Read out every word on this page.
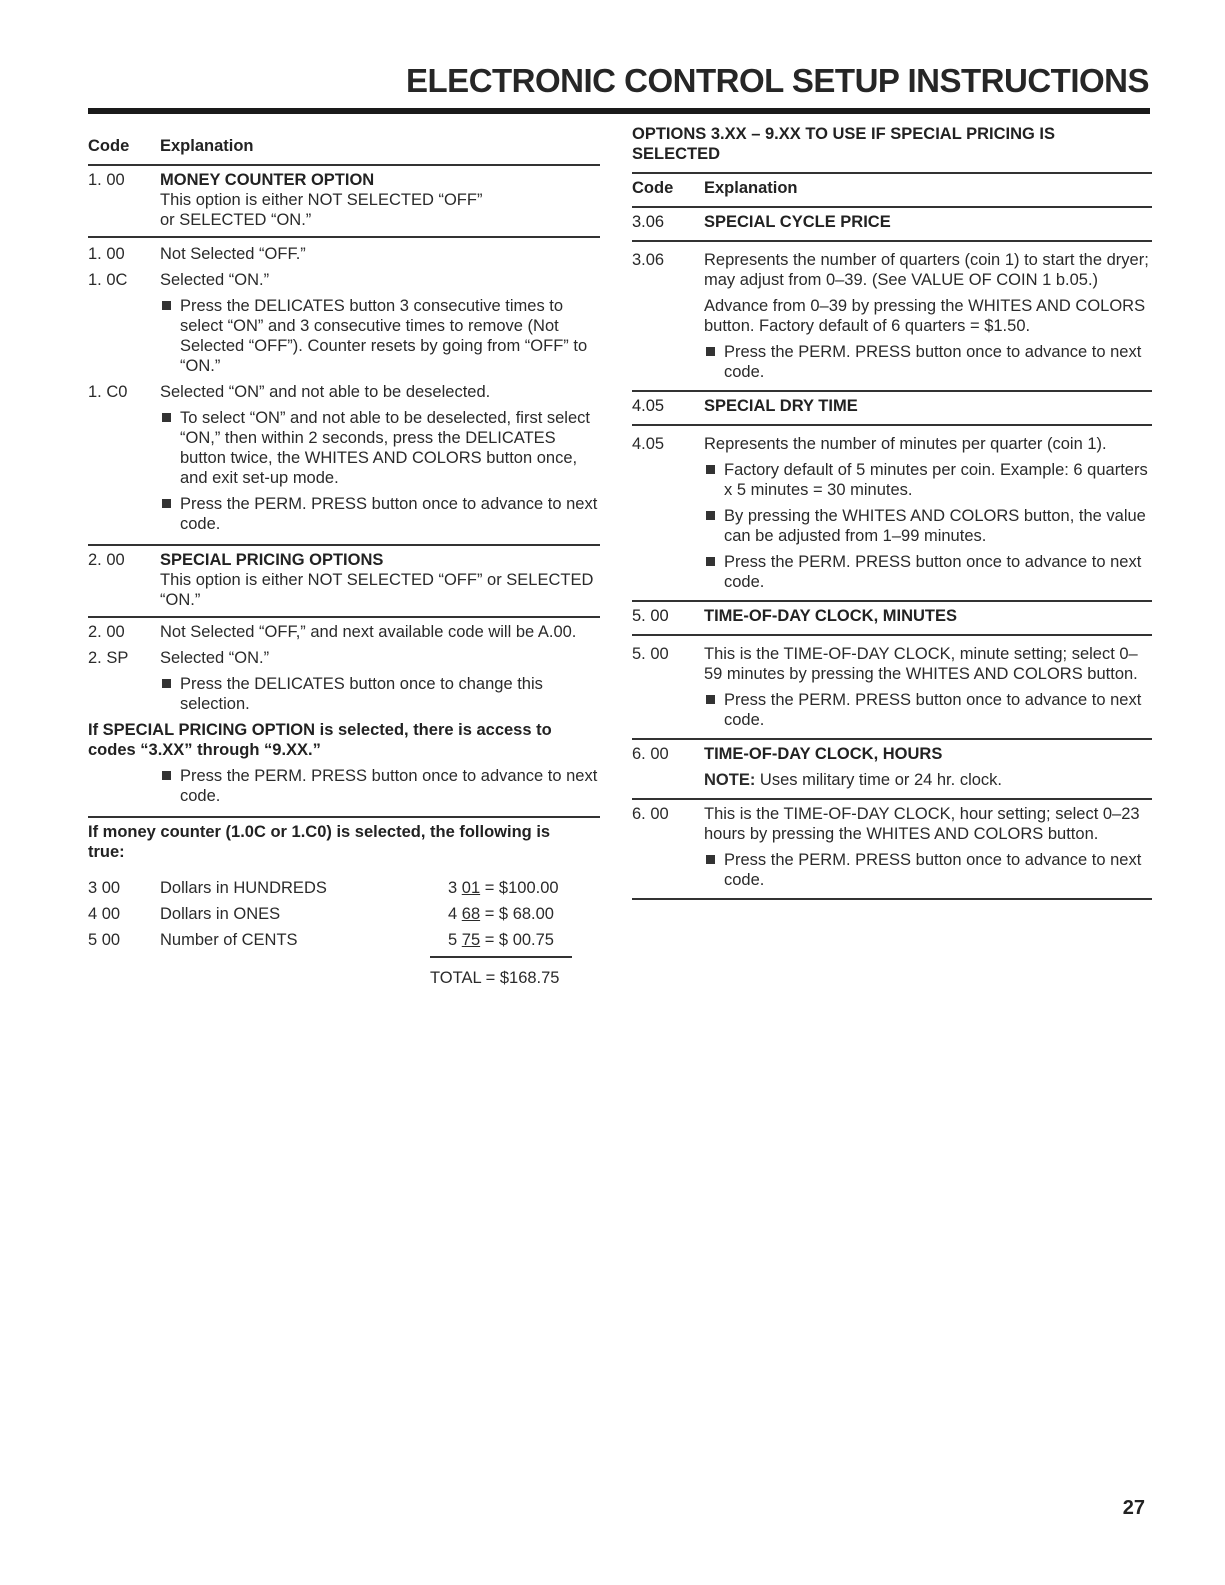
ELECTRONIC CONTROL SETUP INSTRUCTIONS
Code	Explanation
1. 00	MONEY COUNTER OPTION
This option is either NOT SELECTED “OFF”
or SELECTED “ON.”
1. 00	Not Selected “OFF.”
1. 0C	Selected “ON.”
Press the DELICATES button 3 consecutive times to select “ON” and 3 consecutive times to remove (Not Selected “OFF”). Counter resets by going from “OFF” to “ON.”
1. C0	Selected “ON” and not able to be deselected.
To select “ON” and not able to be deselected, first select “ON,” then within 2 seconds, press the DELICATES button twice, the WHITES AND COLORS button once, and exit set-up mode.
Press the PERM. PRESS button once to advance to next code.
2. 00	SPECIAL PRICING OPTIONS
This option is either NOT SELECTED “OFF” or SELECTED “ON.”
2. 00	Not Selected “OFF,” and next available code will be A.00.
2. SP	Selected “ON.”
Press the DELICATES button once to change this selection.
If SPECIAL PRICING OPTION is selected, there is access to codes “3.XX” through “9.XX.”
Press the PERM. PRESS button once to advance to next code.
If money counter (1.0C or 1.C0) is selected, the following is true:
3 00	Dollars in HUNDREDS	3 01 = $100.00
4 00	Dollars in ONES	4 68 = $ 68.00
5 00	Number of CENTS	5 75 = $ 00.75
TOTAL = $168.75
OPTIONS 3.XX – 9.XX TO USE IF SPECIAL PRICING IS SELECTED
Code	Explanation
3.06	SPECIAL CYCLE PRICE
3.06	Represents the number of quarters (coin 1) to start the dryer; may adjust from 0–39. (See VALUE OF COIN 1 b.05.)
Advance from 0–39 by pressing the WHITES AND COLORS button. Factory default of 6 quarters = $1.50.
Press the PERM. PRESS button once to advance to next code.
4.05	SPECIAL DRY TIME
4.05	Represents the number of minutes per quarter (coin 1).
Factory default of 5 minutes per coin. Example: 6 quarters x 5 minutes = 30 minutes.
By pressing the WHITES AND COLORS button, the value can be adjusted from 1–99 minutes.
Press the PERM. PRESS button once to advance to next code.
5. 00	TIME-OF-DAY CLOCK, MINUTES
5. 00	This is the TIME-OF-DAY CLOCK, minute setting; select 0–59 minutes by pressing the WHITES AND COLORS button.
Press the PERM. PRESS button once to advance to next code.
6. 00	TIME-OF-DAY CLOCK, HOURS
NOTE: Uses military time or 24 hr. clock.
6. 00	This is the TIME-OF-DAY CLOCK, hour setting; select 0–23 hours by pressing the WHITES AND COLORS button.
Press the PERM. PRESS button once to advance to next code.
27
